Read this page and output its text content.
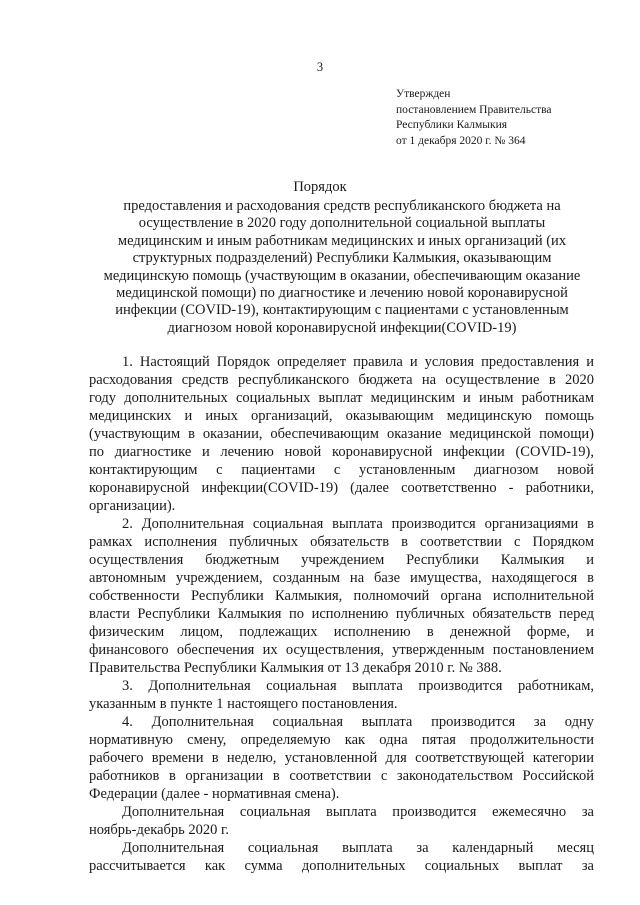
3
Утвержден
постановлением Правительства
Республики Калмыкия
от 1 декабря 2020 г. № 364
Порядок
предоставления и расходования средств республиканского бюджета на
осуществление в 2020 году дополнительной социальной выплаты
медицинским и иным работникам медицинских и иных организаций (их
структурных подразделений) Республики Калмыкия, оказывающим
медицинскую помощь (участвующим в оказании, обеспечивающим оказание
медицинской помощи) по диагностике и лечению новой коронавирусной
инфекции (COVID-19), контактирующим с пациентами с установленным
диагнозом новой коронавирусной инфекции(COVID-19)
1. Настоящий Порядок определяет правила и условия предоставления и
расходования средств республиканского бюджета на осуществление в 2020
году дополнительных социальных выплат медицинским и иным работникам
медицинских и иных организаций, оказывающим медицинскую помощь
(участвующим в оказании, обеспечивающим оказание медицинской помощи)
по диагностике и лечению новой коронавирусной инфекции (COVID-19),
контактирующим с пациентами с установленным диагнозом новой
коронавирусной инфекции(COVID-19) (далее соответственно - работники,
организации).
2. Дополнительная социальная выплата производится организациями в
рамках исполнения публичных обязательств в соответствии с Порядком
осуществления бюджетным учреждением Республики Калмыкия и
автономным учреждением, созданным на базе имущества, находящегося в
собственности Республики Калмыкия, полномочий органа исполнительной
власти Республики Калмыкия по исполнению публичных обязательств перед
физическим лицом, подлежащих исполнению в денежной форме, и
финансового обеспечения их осуществления, утвержденным постановлением
Правительства Республики Калмыкия от 13 декабря 2010 г. № 388.
3. Дополнительная социальная выплата производится работникам,
указанным в пункте 1 настоящего постановления.
4. Дополнительная социальная выплата производится за одну
нормативную смену, определяемую как одна пятая продолжительности
рабочего времени в неделю, установленной для соответствующей категории
работников в организации в соответствии с законодательством Российской
Федерации (далее - нормативная смена).
Дополнительная социальная выплата производится ежемесячно за
ноябрь-декабрь 2020 г.
Дополнительная социальная выплата за календарный месяц
рассчитывается как сумма дополнительных социальных выплат за
